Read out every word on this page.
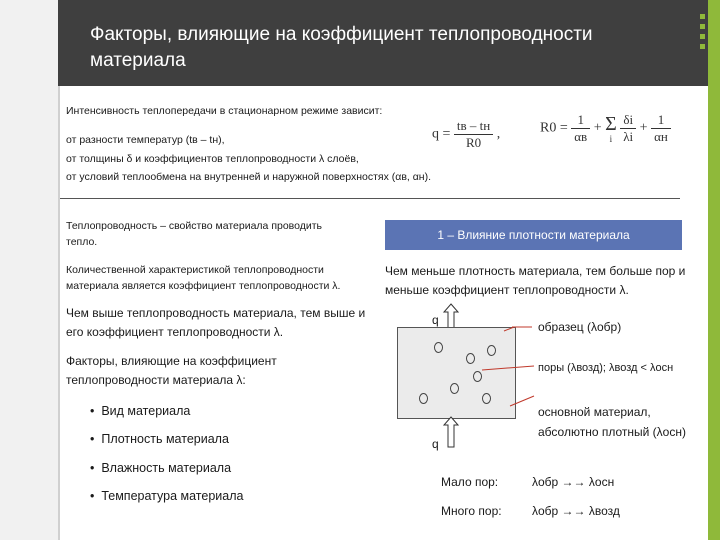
Факторы, влияющие на коэффициент теплопроводности
материала
Интенсивность теплопередачи в стационарном режиме зависит:
от разности температур (tв – tн),
от толщины δ и коэффициентов теплопроводности λ слоёв,
от условий теплообмена на внутренней и наружной поверхностях (αв, αн).
$q = \frac{tв - tн}{R0}$ ,	$R0 = \frac{1}{\alpha в} + \Sigma$
i
$\frac{\delta i}{\lambda i} + \frac{1}{\alpha н}$
Теплопроводность – свойство материала проводить тепло.
Количественной характеристикой теплопроводности материала является коэффициент теплопроводности λ.
Чем выше теплопроводность материала, тем выше и его коэффициент теплопроводности λ.
Факторы, влияющие на коэффициент теплопроводности материала λ:
•  Вид материала
•  Плотность материала
•  Влажность материала
•  Температура материала
1 – Влияние плотности материала
Чем меньше плотность материала, тем больше пор и меньше коэффициент теплопроводности λ.
q
q
образец (λобр)
поры (λвозд); λвозд < λосн
основной материал,
абсолютно плотный (λосн)
Мало пор:	λобр →→ λосн
Много пор:	λобр →→ λвозд
